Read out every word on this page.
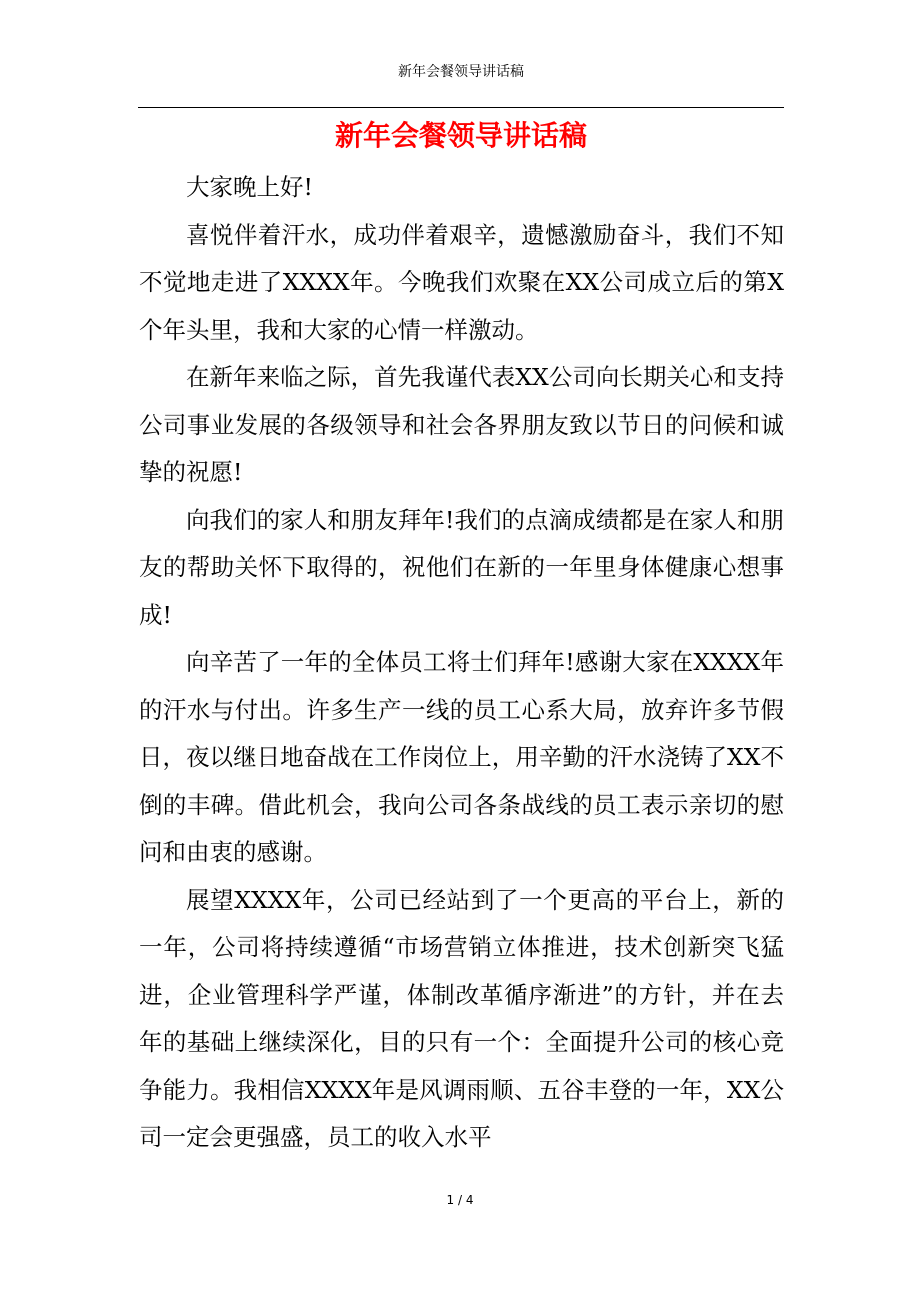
新年会餐领导讲话稿
新年会餐领导讲话稿

大家晚上好!

喜悦伴着汗水，成功伴着艰辛，遗憾激励奋斗，我们不知不觉地走进了XXXX年。今晚我们欢聚在XX公司成立后的第X个年头里，我和大家的心情一样激动。

在新年来临之际，首先我谨代表XX公司向长期关心和支持公司事业发展的各级领导和社会各界朋友致以节日的问候和诚挚的祝愿!

向我们的家人和朋友拜年!我们的点滴成绩都是在家人和朋友的帮助关怀下取得的，祝他们在新的一年里身体健康心想事成!

向辛苦了一年的全体员工将士们拜年!感谢大家在XXXX年的汗水与付出。许多生产一线的员工心系大局，放弃许多节假日，夜以继日地奋战在工作岗位上，用辛勤的汗水浇铸了XX不倒的丰碑。借此机会，我向公司各条战线的员工表示亲切的慰问和由衷的感谢。

展望XXXX年，公司已经站到了一个更高的平台上，新的一年，公司将持续遵循“市场营销立体推进，技术创新突飞猛进，企业管理科学严谨，体制改革循序渐进”的方针，并在去年的基础上继续深化，目的只有一个：全面提升公司的核心竞争能力。我相信XXXX年是风调雨顺、五谷丰登的一年，XX公司一定会更强盛，员工的收入水平

1 / 4
